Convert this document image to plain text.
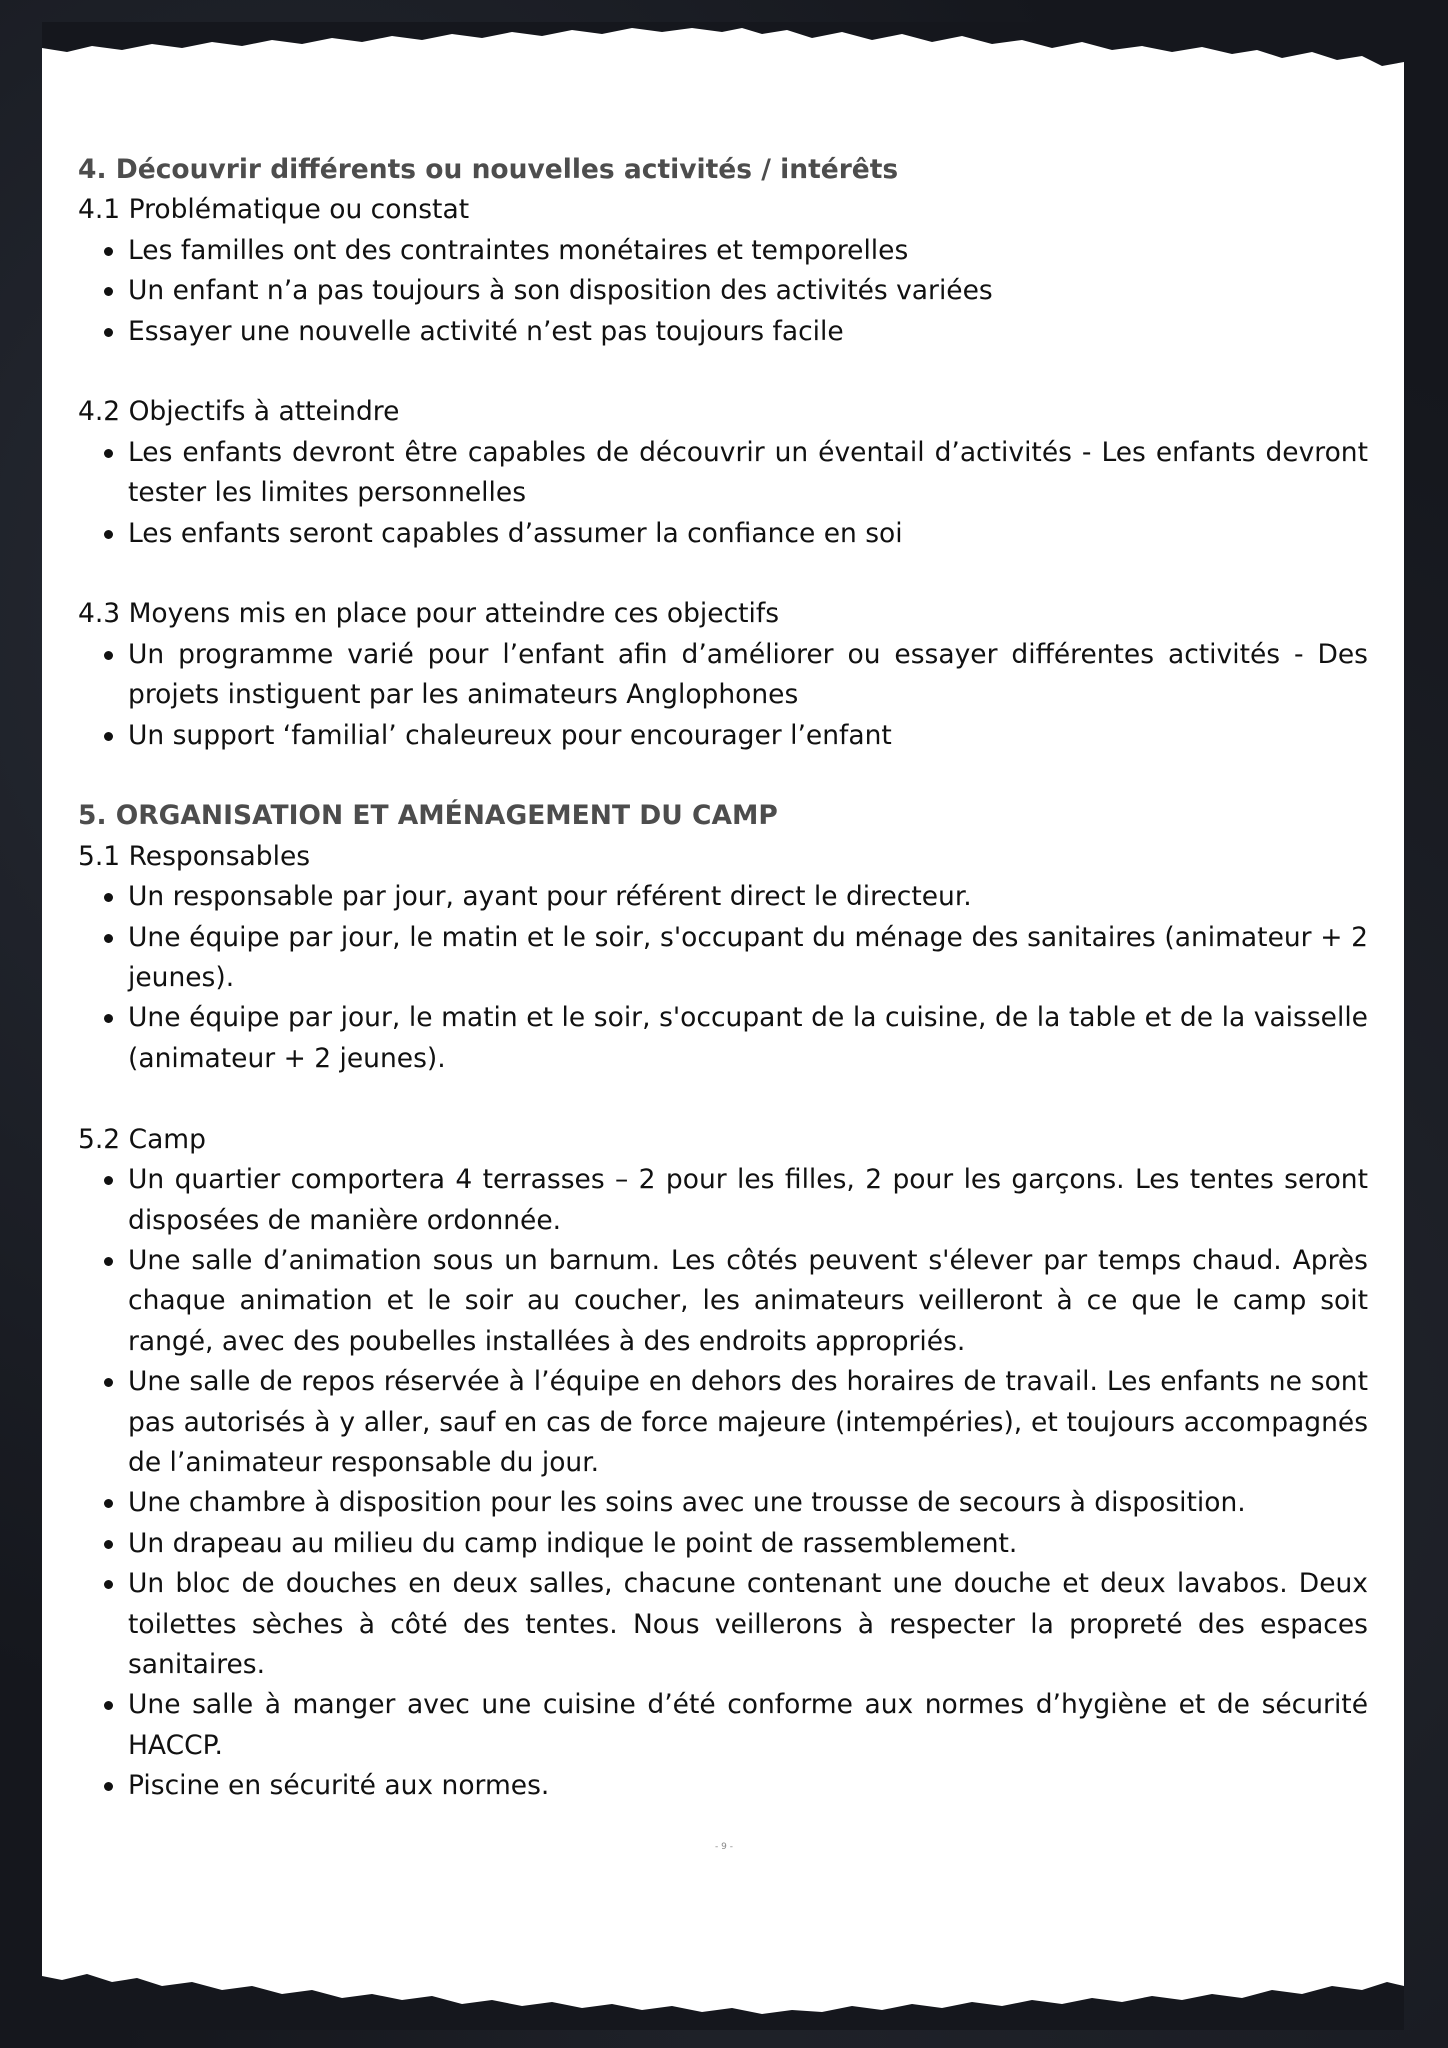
4. Découvrir différents ou nouvelles activités / intérêts

4.1 Problématique ou constat

Les familles ont des contraintes monétaires et temporelles
Un enfant n’a pas toujours à son disposition des activités variées
Essayer une nouvelle activité n’est pas toujours facile

4.2 Objectifs à atteindre

Les enfants devront être capables de découvrir un éventail d’activités - Les enfants devront tester les limites personnelles
Les enfants seront capables d’assumer la confiance en soi

4.3 Moyens mis en place pour atteindre ces objectifs

Un programme varié pour l’enfant afin d’améliorer ou essayer différentes activités - Des projets instiguent par les animateurs Anglophones
Un support ‘familial’ chaleureux pour encourager l’enfant

5. ORGANISATION ET AMÉNAGEMENT DU CAMP

5.1 Responsables

Un responsable par jour, ayant pour référent direct le directeur.
Une équipe par jour, le matin et le soir, s'occupant du ménage des sanitaires (animateur + 2 jeunes).
Une équipe par jour, le matin et le soir, s'occupant de la cuisine, de la table et de la vaisselle (animateur + 2 jeunes).

5.2 Camp

Un quartier comportera 4 terrasses – 2 pour les filles, 2 pour les garçons. Les tentes seront disposées de manière ordonnée.
Une salle d’animation sous un barnum. Les côtés peuvent s'élever par temps chaud. Après chaque animation et le soir au coucher, les animateurs veilleront à ce que le camp soit rangé, avec des poubelles installées à des endroits appropriés.
Une salle de repos réservée à l’équipe en dehors des horaires de travail. Les enfants ne sont pas autorisés à y aller, sauf en cas de force majeure (intempéries), et toujours accompagnés de l’animateur responsable du jour.
Une chambre à disposition pour les soins avec une trousse de secours à disposition.
Un drapeau au milieu du camp indique le point de rassemblement.
Un bloc de douches en deux salles, chacune contenant une douche et deux lavabos. Deux toilettes sèches à côté des tentes. Nous veillerons à respecter la propreté des espaces sanitaires.
Une salle à manger avec une cuisine d’été conforme aux normes d’hygiène et de sécurité HACCP.
Piscine en sécurité aux normes.
- 9 -
